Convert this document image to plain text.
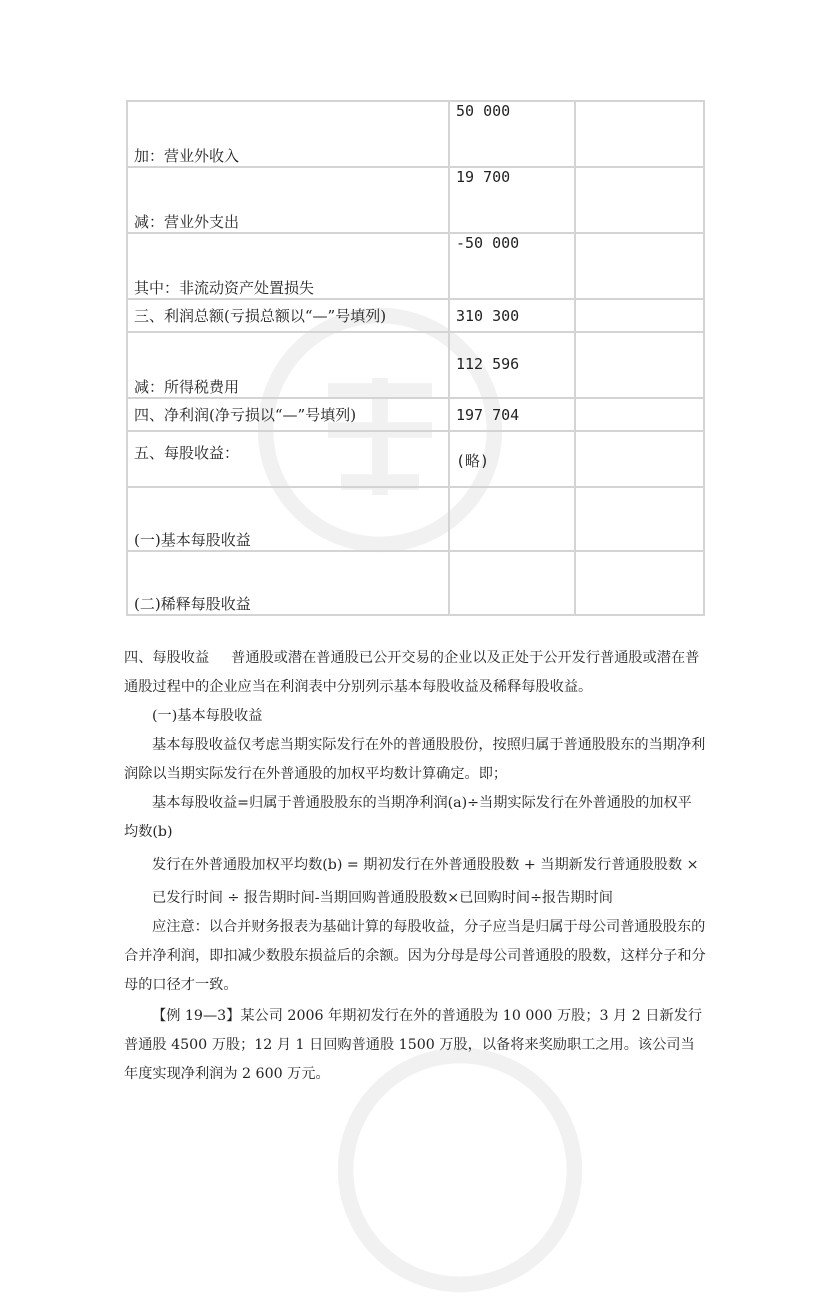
加：营业外收入	50 000	
减：营业外支出	19 700	
其中：非流动资产处置损失	-50 000	
三、利润总额(亏损总额以“—”号填列)	310 300	
减：所得税费用	112 596	
四、净利润(净亏损以“—”号填列)	197 704	
五、每股收益：	(略)	
(一)基本每股收益		
(二)稀释每股收益		

四、每股收益 普通股或潜在普通股已公开交易的企业以及正处于公开发行普通股或潜在普通股过程中的企业应当在利润表中分别列示基本每股收益及稀释每股收益。

(一)基本每股收益

基本每股收益仅考虑当期实际发行在外的普通股股份，按照归属于普通股股东的当期净利润除以当期实际发行在外普通股的加权平均数计算确定。即；

基本每股收益=归属于普通股股东的当期净利润(a)÷当期实际发行在外普通股的加权平均数(b)

发行在外普通股加权平均数(b) = 期初发行在外普通股股数 + 当期新发行普通股股数 ×

已发行时间 ÷ 报告期时间-当期回购普通股股数×已回购时间÷报告期时间

应注意：以合并财务报表为基础计算的每股收益，分子应当是归属于母公司普通股股东的合并净利润，即扣减少数股东损益后的余额。因为分母是母公司普通股的股数，这样分子和分母的口径才一致。

【例 19—3】某公司 2006 年期初发行在外的普通股为 10 000 万股；3 月 2 日新发行普通股 4500 万股；12 月 1 日回购普通股 1500 万股，以备将来奖励职工之用。该公司当年度实现净利润为 2 600 万元。
